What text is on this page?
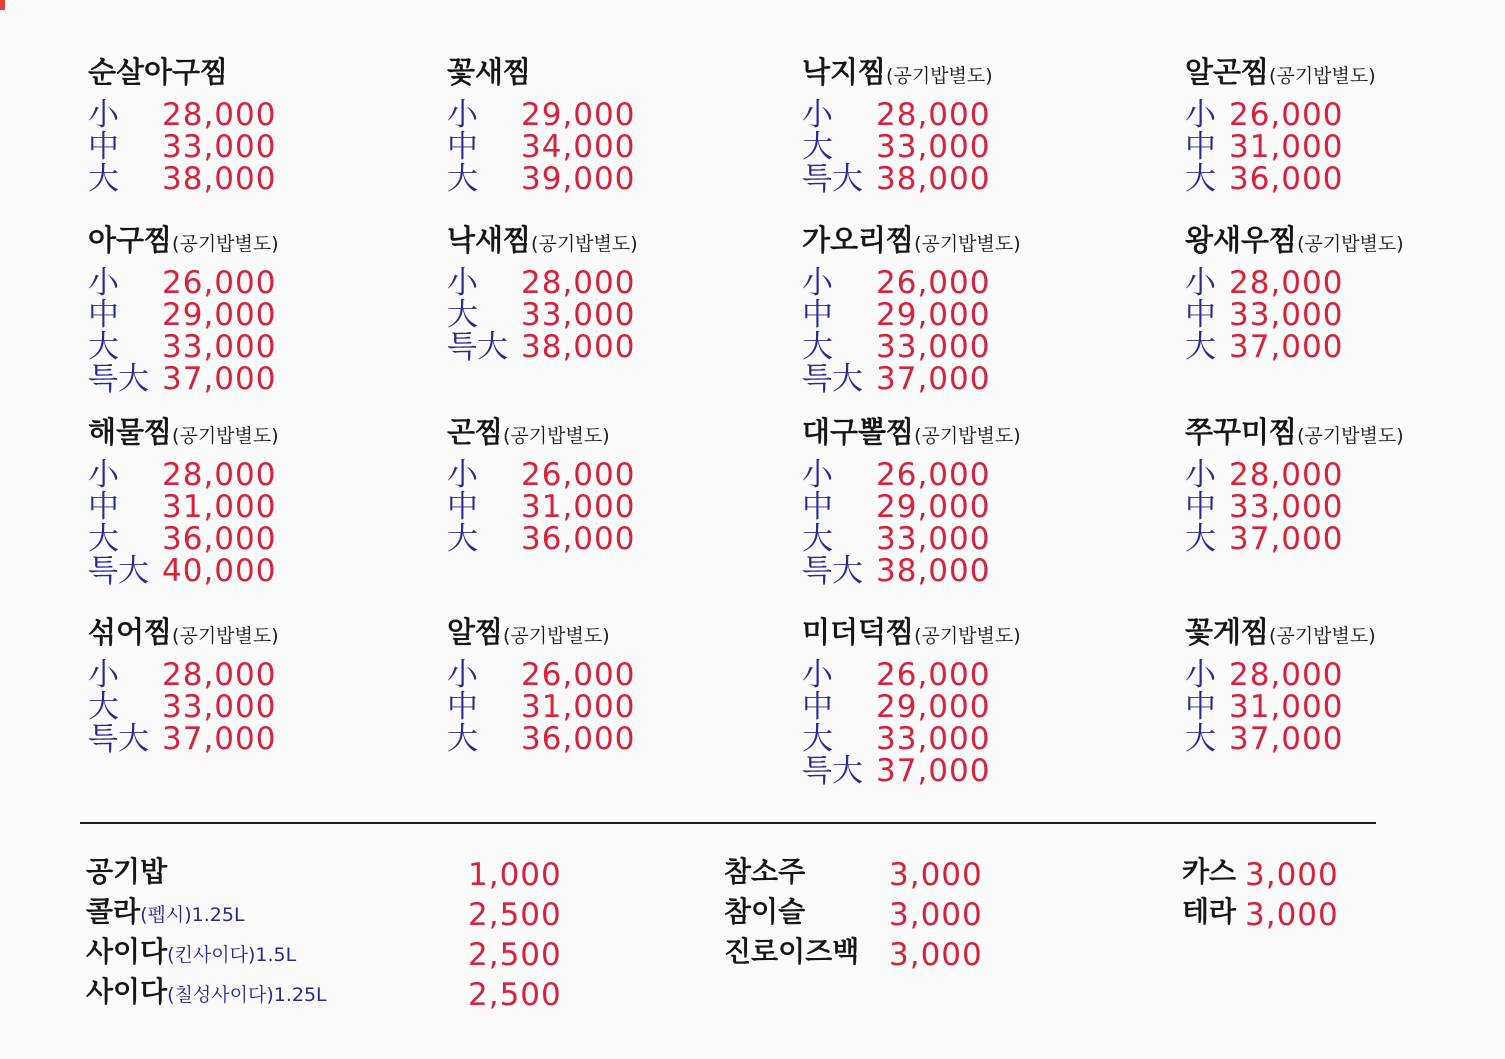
순살아구찜
小 28,000
中 33,000
大 38,000
꽃새찜
小 29,000
中 34,000
大 39,000
낙지찜(공기밥별도)
小 28,000
大 33,000
특大 38,000
알곤찜(공기밥별도)
小 26,000
中 31,000
大 36,000
아구찜(공기밥별도)
小 26,000
中 29,000
大 33,000
특大 37,000
낙새찜(공기밥별도)
小 28,000
大 33,000
특大 38,000
가오리찜(공기밥별도)
小 26,000
中 29,000
大 33,000
특大 37,000
왕새우찜(공기밥별도)
小 28,000
中 33,000
大 37,000
해물찜(공기밥별도)
小 28,000
中 31,000
大 36,000
특大 40,000
곤찜(공기밥별도)
小 26,000
中 31,000
大 36,000
대구뽈찜(공기밥별도)
小 26,000
中 29,000
大 33,000
특大 38,000
쭈꾸미찜(공기밥별도)
小 28,000
中 33,000
大 37,000
섞어찜(공기밥별도)
小 28,000
大 33,000
특大 37,000
알찜(공기밥별도)
小 26,000
中 31,000
大 36,000
미더덕찜(공기밥별도)
小 26,000
中 29,000
大 33,000
특大 37,000
꽃게찜(공기밥별도)
小 28,000
中 31,000
大 37,000
공기밥	1,000
콜라(펩시)1.25L	2,500
사이다(킨사이다)1.5L	2,500
사이다(칠성사이다)1.25L	2,500
참소주	3,000
참이슬	3,000
진로이즈백 3,000
카스 3,000
테라 3,000
